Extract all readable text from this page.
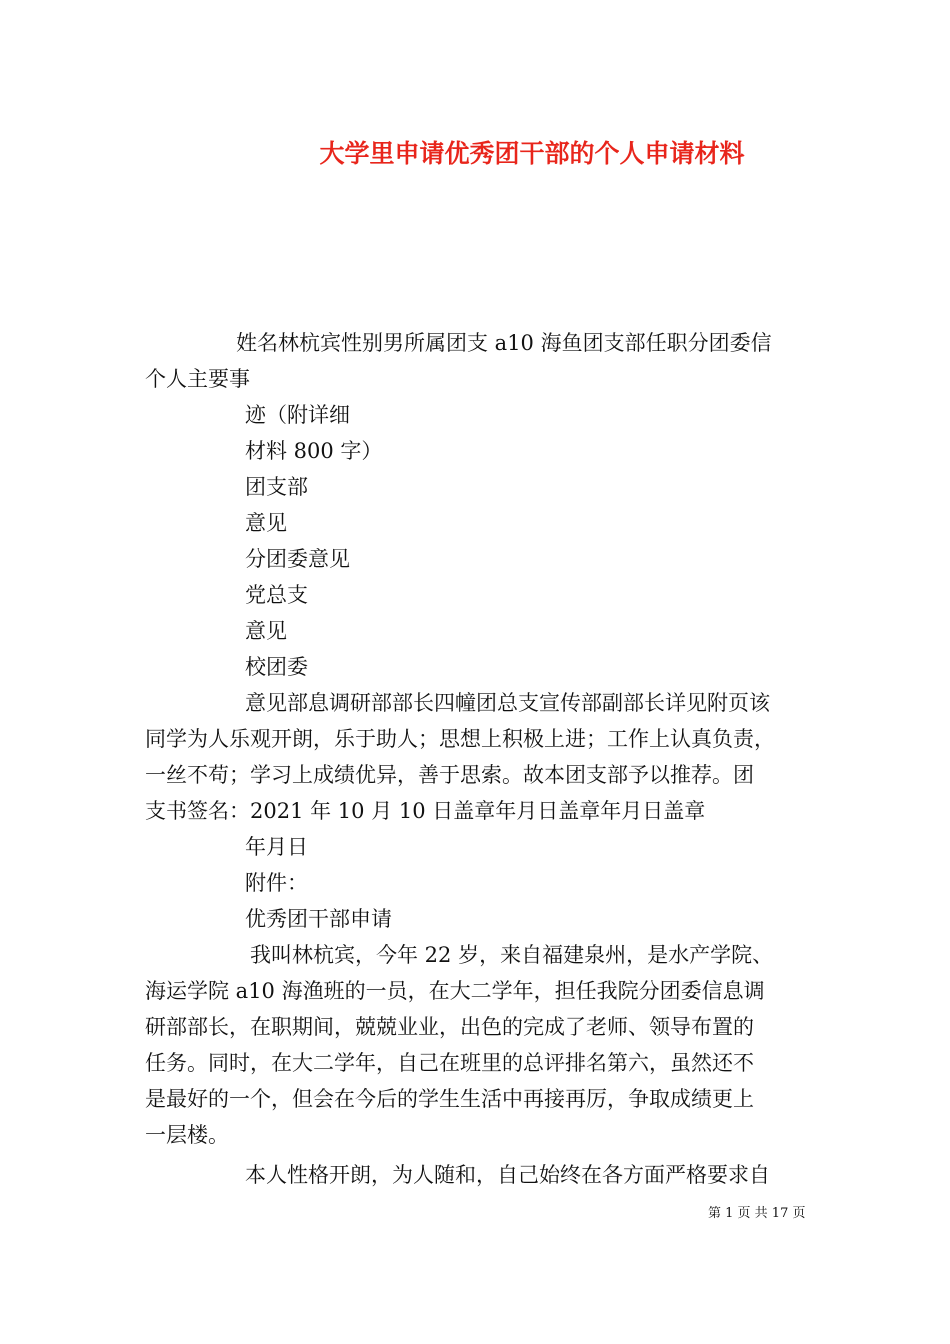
大学里申请优秀团干部的个人申请材料
姓名林杭宾性别男所属团支 a10 海鱼团支部任职分团委信
个人主要事
迹（附详细
材料 800 字）
团支部
意见
分团委意见
党总支
意见
校团委
意见部息调研部部长四幢团总支宣传部副部长详见附页该
同学为人乐观开朗，乐于助人；思想上积极上进；工作上认真负责，
一丝不苟；学习上成绩优异，善于思索。故本团支部予以推荐。团
支书签名：2021 年 10 月 10 日盖章年月日盖章年月日盖章
年月日
附件：
优秀团干部申请
我叫林杭宾，今年 22 岁，来自福建泉州，是水产学院、
海运学院 a10 海渔班的一员，在大二学年，担任我院分团委信息调
研部部长，在职期间，兢兢业业，出色的完成了老师、领导布置的
任务。同时，在大二学年，自己在班里的总评排名第六，虽然还不
是最好的一个，但会在今后的学生生活中再接再厉，争取成绩更上
一层楼。
本人性格开朗，为人随和，自己始终在各方面严格要求自
第 1 页 共 17 页
